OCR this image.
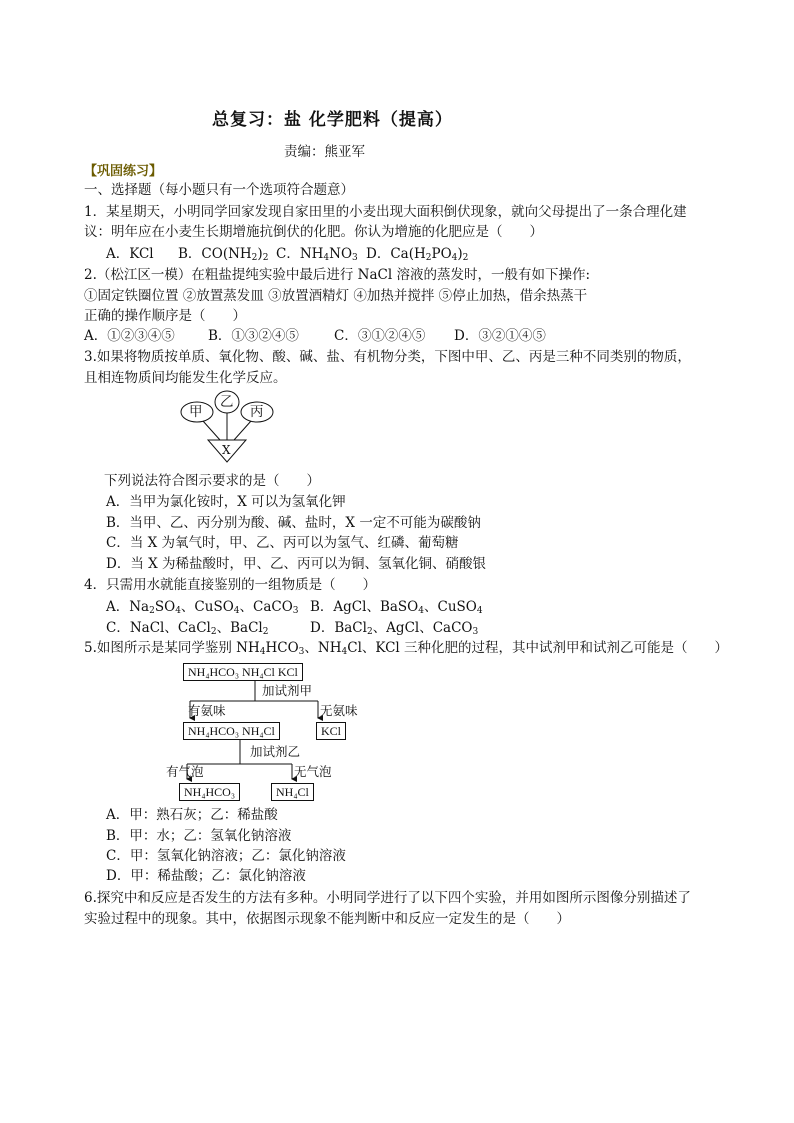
总复习：盐 化学肥料（提高）
责编：熊亚军
【巩固练习】
一、选择题（每小题只有一个选项符合题意）
1．某星期天，小明同学回家发现自家田里的小麦出现大面积倒伏现象，就向父母提出了一条合理化建
议：明年应在小麦生长期增施抗倒伏的化肥。你认为增施的化肥应是（　　）
A．KCl B．$CO(NH_2)_2$ C．$NH_4NO_3$ D．$Ca(H_2PO_4)_2$
2.（松江区一模）在粗盐提纯实验中最后进行 NaCl 溶液的蒸发时，一般有如下操作:
①固定铁圈位置 ②放置蒸发皿 ③放置酒精灯 ④加热并搅拌 ⑤停止加热，借余热蒸干
正确的操作顺序是（　　）
A．①②③④⑤ B．①③②④⑤	C．③①②④⑤ D．③②①④⑤
3.如果将物质按单质、氧化物、酸、碱、盐、有机物分类，下图中甲、乙、丙是三种不同类别的物质，
且相连物质间均能发生化学反应。
甲
乙
丙
X
下列说法符合图示要求的是（　　）
A．当甲为氯化铵时，X 可以为氢氧化钾
B．当甲、乙、丙分别为酸、碱、盐时，X 一定不可能为碳酸钠
C．当 X 为氧气时，甲、乙、丙可以为氢气、红磷、葡萄糖
D．当 X 为稀盐酸时，甲、乙、丙可以为铜、氢氧化铜、硝酸银
4．只需用水就能直接鉴别的一组物质是（　　）
A．$Na_2SO_4$、CuSO$_4$、CaCO$_3$ B．AgCl、BaSO$_4$、CuSO$_4$
C．NaCl、CaCl$_2$、BaCl$_2$	D．BaCl$_2$、AgCl、CaCO$_3$
5.如图所示是某同学鉴别 $NH_4HCO_3$、$NH_4Cl$、KCl 三种化肥的过程，其中试剂甲和试剂乙可能是（　　）
NH₄HCO₃ NH₄Cl KCl
加试剂甲
有氨味	无氨味
NH₄HCO₃ NH₄Cl	KCl
加试剂乙
有气泡	无气泡
NH₄HCO₃	NH₄Cl
A．甲：熟石灰；乙：稀盐酸
B．甲：水；乙：氢氧化钠溶液
C．甲：氢氧化钠溶液；乙：氯化钠溶液
D．甲：稀盐酸；乙：氯化钠溶液
6.探究中和反应是否发生的方法有多种。小明同学进行了以下四个实验，并用如图所示图像分别描述了
实验过程中的现象。其中，依据图示现象不能判断中和反应一定发生的是（　　）
